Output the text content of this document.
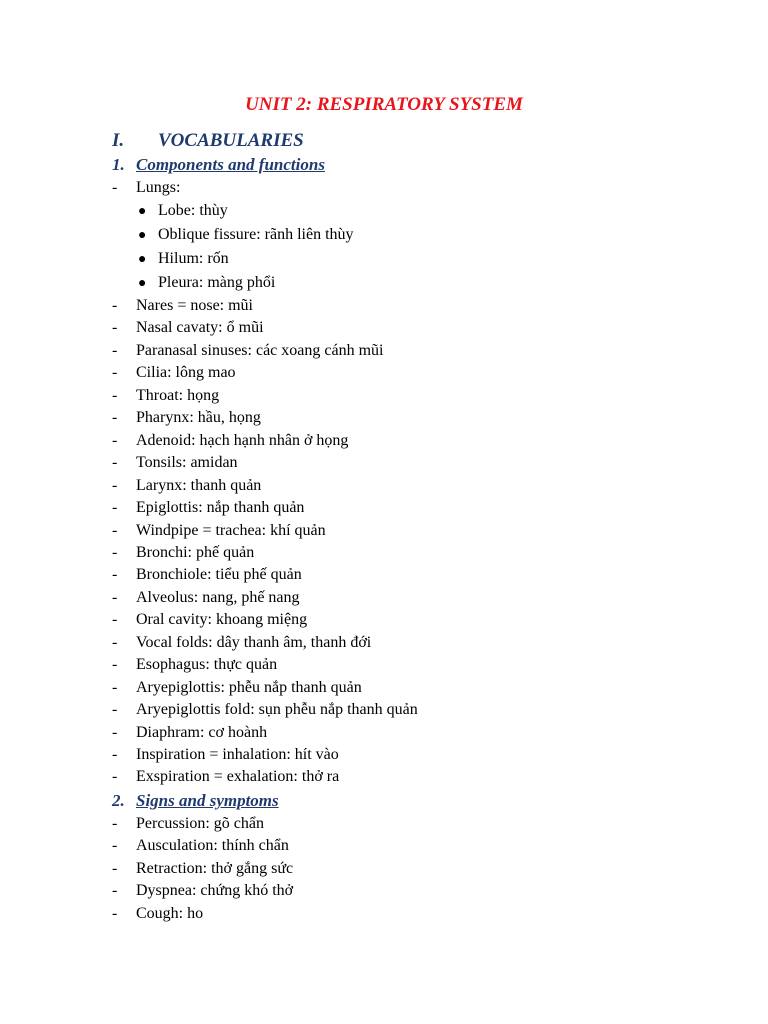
UNIT 2: RESPIRATORY SYSTEM
I. VOCABULARIES
1. Components and functions
- Lungs:
● Lobe: thùy
● Oblique fissure: rãnh liên thùy
● Hilum: rốn
● Pleura: màng phổi
- Nares = nose: mũi
- Nasal cavaty: ổ mũi
- Paranasal sinuses: các xoang cánh mũi
- Cilia: lông mao
- Throat: họng
- Pharynx: hầu, họng
- Adenoid: hạch hạnh nhân ở họng
- Tonsils: amidan
- Larynx: thanh quản
- Epiglottis: nắp thanh quản
- Windpipe = trachea: khí quản
- Bronchi: phế quản
- Bronchiole: tiểu phế quản
- Alveolus: nang, phế nang
- Oral cavity: khoang miệng
- Vocal folds: dây thanh âm, thanh đới
- Esophagus: thực quản
- Aryepiglottis: phễu nắp thanh quản
- Aryepiglottis fold: sụn phễu nắp thanh quản
- Diaphram: cơ hoành
- Inspiration = inhalation: hít vào
- Exspiration = exhalation: thở ra
2. Signs and symptoms
- Percussion: gõ chẩn
- Ausculation: thính chẩn
- Retraction: thở gắng sức
- Dyspnea: chứng khó thở
- Cough: ho
